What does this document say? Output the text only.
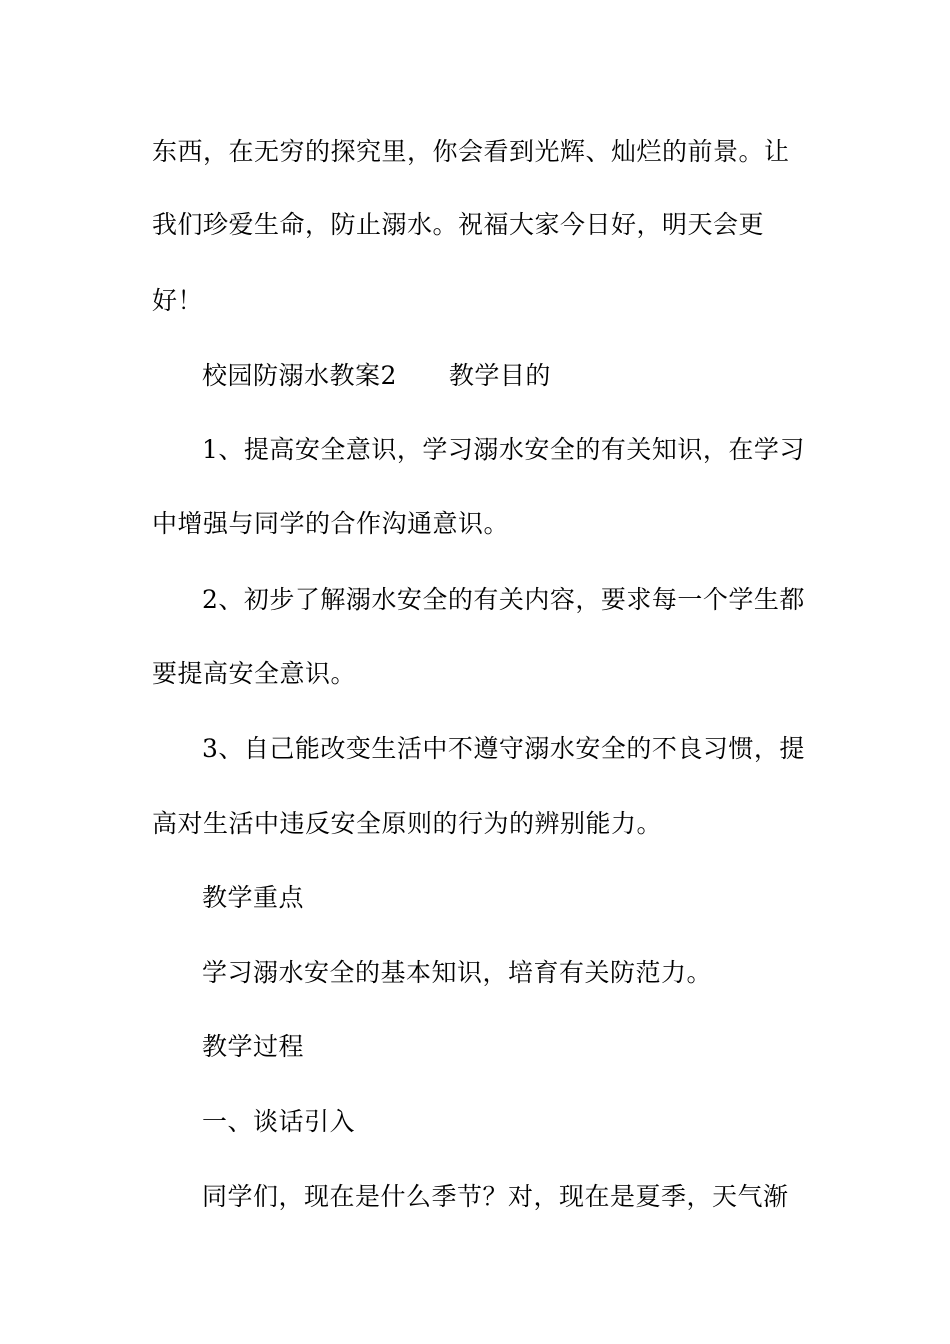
东西，在无穷的探究里，你会看到光辉、灿烂的前景。让
我们珍爱生命，防止溺水。祝福大家今日好，明天会更
好！
校园防溺水教案2 教学目的
1、提高安全意识，学习溺水安全的有关知识，在学习
中增强与同学的合作沟通意识。
2、初步了解溺水安全的有关内容，要求每一个学生都
要提高安全意识。
3、自己能改变生活中不遵守溺水安全的不良习惯，提
高对生活中违反安全原则的行为的辨别能力。
教学重点
学习溺水安全的基本知识，培育有关防范力。
教学过程
一、谈话引入
同学们，现在是什么季节？对，现在是夏季，天气渐
